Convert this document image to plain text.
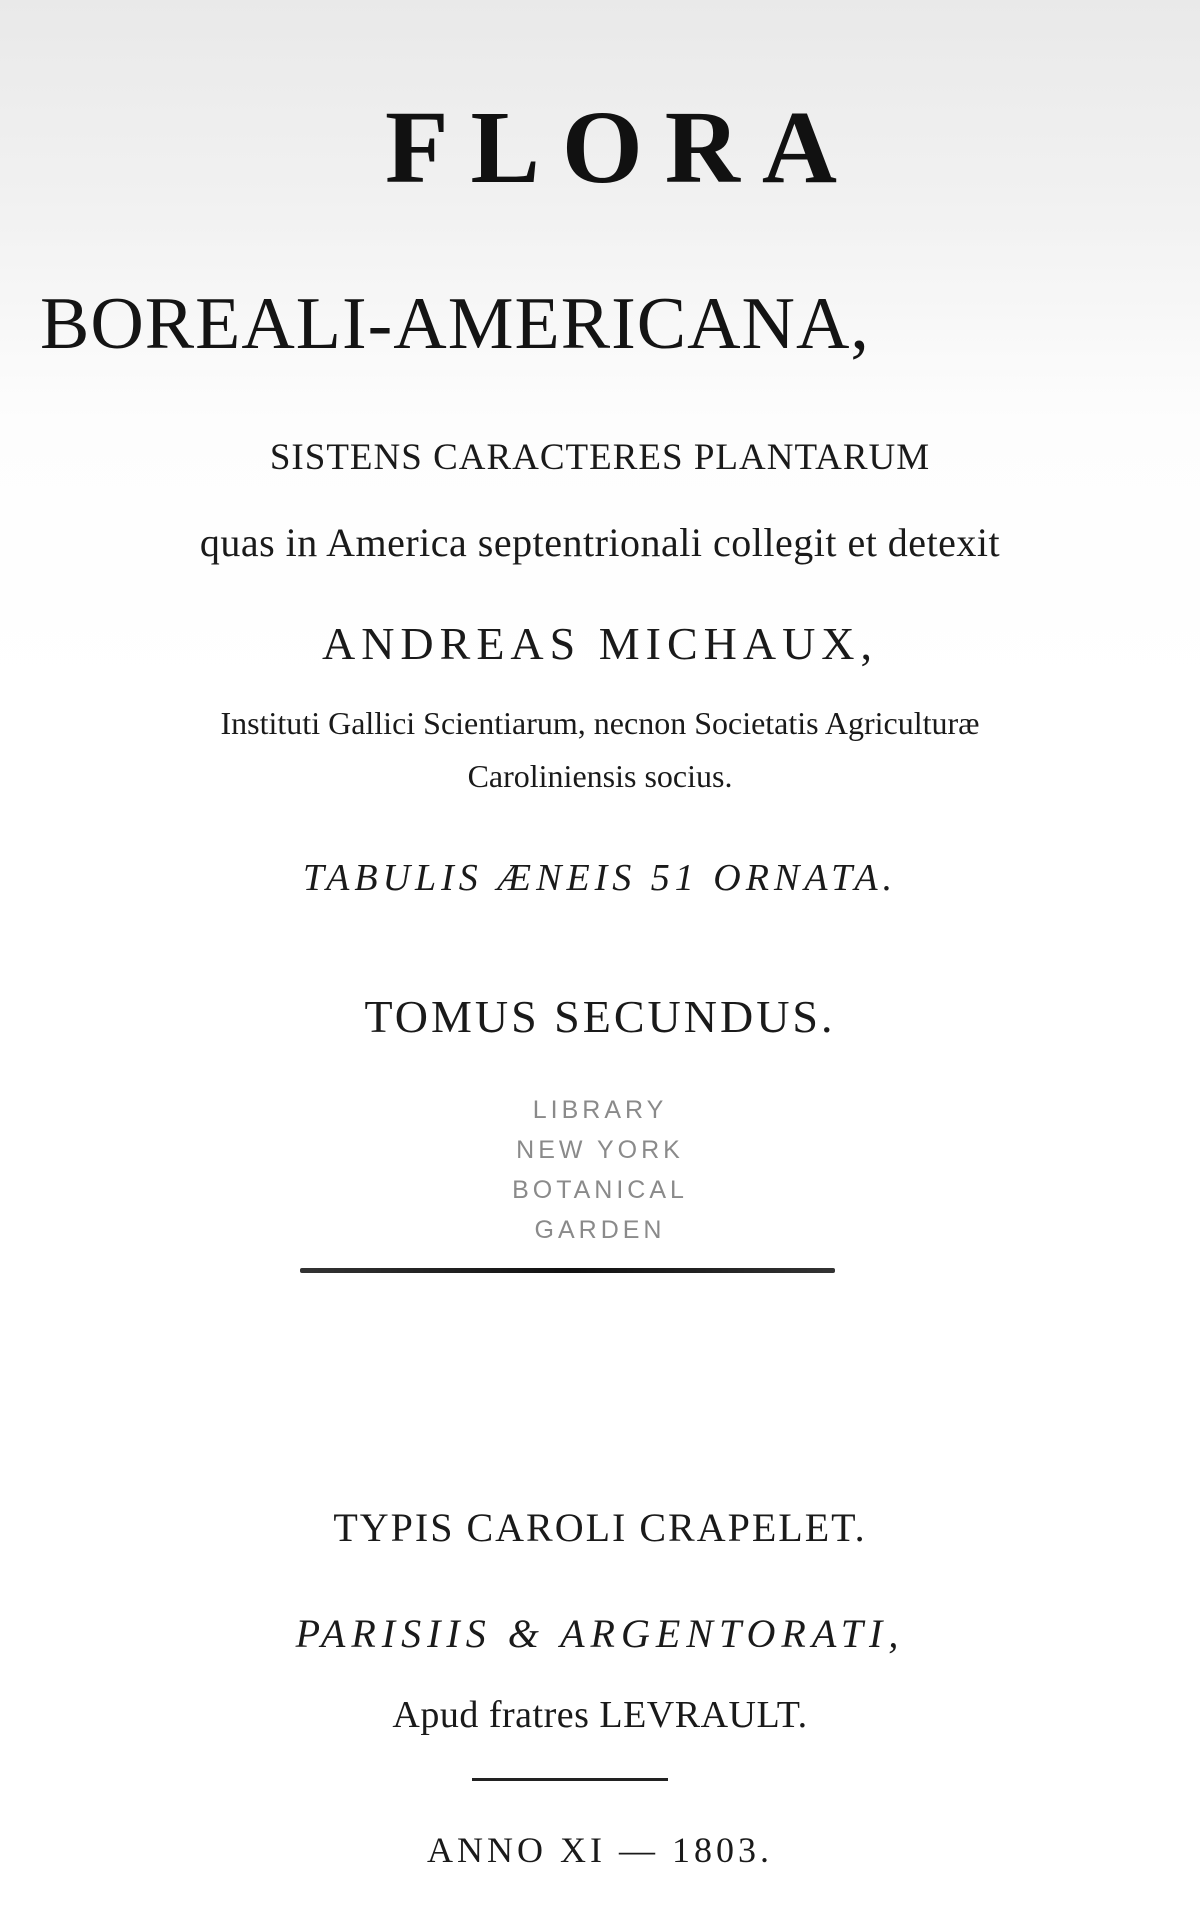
FLORA

BOREALI-AMERICANA,

SISTENS CARACTERES PLANTARUM

quas in America septentrionali collegit et detexit

ANDREAS MICHAUX,

Instituti Gallici Scientiarum, necnon Societatis Agriculturæ

Caroliniensis socius.

TABULIS ÆNEIS 51 ORNATA.

TOMUS SECUNDUS.

LIBRARY
NEW YORK
BOTANICAL
GARDEN

TYPIS CAROLI CRAPELET.

PARISIIS & ARGENTORATI,

Apud fratres LEVRAULT.

ANNO XI — 1803.
